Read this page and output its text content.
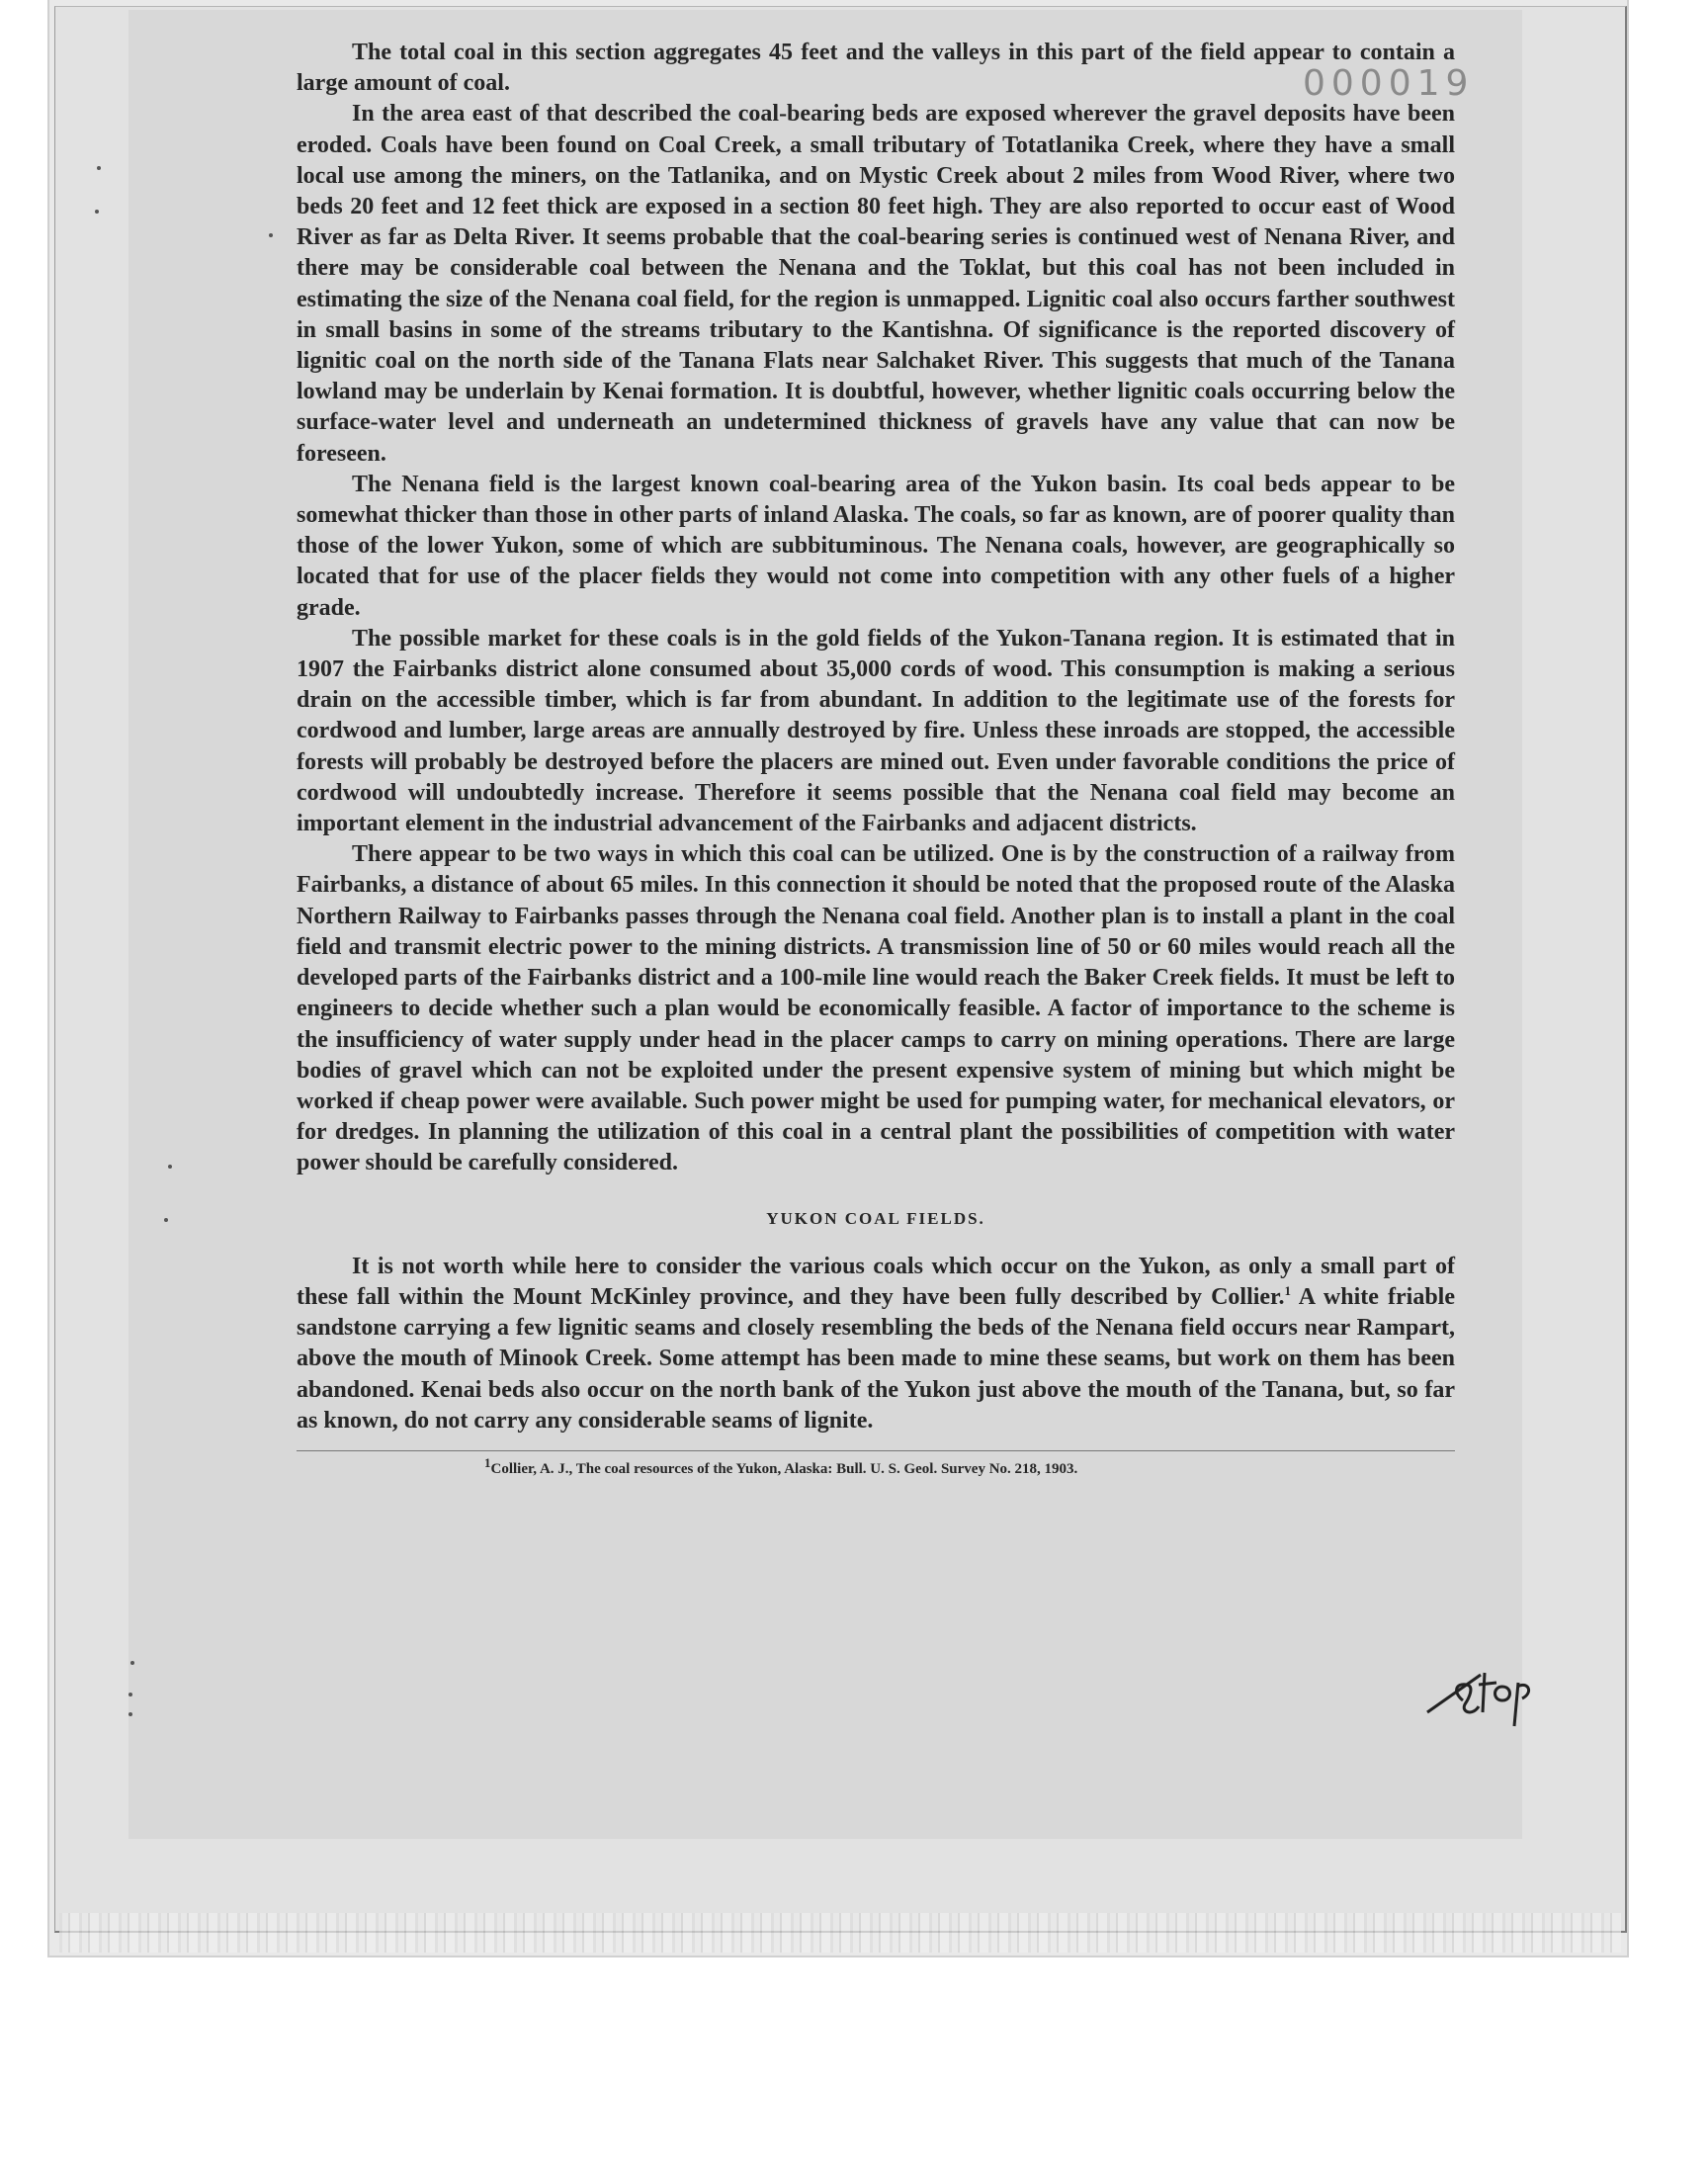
000019

The total coal in this section aggregates 45 feet and the valleys in this part of the field appear to contain a large amount of coal.

In the area east of that described the coal-bearing beds are exposed wherever the gravel deposits have been eroded. Coals have been found on Coal Creek, a small tributary of Totatlanika Creek, where they have a small local use among the miners, on the Tatlanika, and on Mystic Creek about 2 miles from Wood River, where two beds 20 feet and 12 feet thick are exposed in a section 80 feet high. They are also reported to occur east of Wood River as far as Delta River. It seems probable that the coal-bearing series is continued west of Nenana River, and there may be considerable coal between the Nenana and the Toklat, but this coal has not been included in estimating the size of the Nenana coal field, for the region is unmapped. Lignitic coal also occurs farther southwest in small basins in some of the streams tributary to the Kantishna. Of significance is the reported discovery of lignitic coal on the north side of the Tanana Flats near Salchaket River. This suggests that much of the Tanana lowland may be underlain by Kenai formation. It is doubtful, however, whether lignitic coals occurring below the surface-water level and underneath an undetermined thickness of gravels have any value that can now be foreseen.

The Nenana field is the largest known coal-bearing area of the Yukon basin. Its coal beds appear to be somewhat thicker than those in other parts of inland Alaska. The coals, so far as known, are of poorer quality than those of the lower Yukon, some of which are subbituminous. The Nenana coals, however, are geographically so located that for use of the placer fields they would not come into competition with any other fuels of a higher grade.

The possible market for these coals is in the gold fields of the Yukon-Tanana region. It is estimated that in 1907 the Fairbanks district alone consumed about 35,000 cords of wood. This consumption is making a serious drain on the accessible timber, which is far from abundant. In addition to the legitimate use of the forests for cordwood and lumber, large areas are annually destroyed by fire. Unless these inroads are stopped, the accessible forests will probably be destroyed before the placers are mined out. Even under favorable conditions the price of cordwood will undoubtedly increase. Therefore it seems possible that the Nenana coal field may become an important element in the industrial advancement of the Fairbanks and adjacent districts.

There appear to be two ways in which this coal can be utilized. One is by the construction of a railway from Fairbanks, a distance of about 65 miles. In this connection it should be noted that the proposed route of the Alaska Northern Railway to Fairbanks passes through the Nenana coal field. Another plan is to install a plant in the coal field and transmit electric power to the mining districts. A transmission line of 50 or 60 miles would reach all the developed parts of the Fairbanks district and a 100-mile line would reach the Baker Creek fields. It must be left to engineers to decide whether such a plan would be economically feasible. A factor of importance to the scheme is the insufficiency of water supply under head in the placer camps to carry on mining operations. There are large bodies of gravel which can not be exploited under the present expensive system of mining but which might be worked if cheap power were available. Such power might be used for pumping water, for mechanical elevators, or for dredges. In planning the utilization of this coal in a central plant the possibilities of competition with water power should be carefully considered.

YUKON COAL FIELDS.

It is not worth while here to consider the various coals which occur on the Yukon, as only a small part of these fall within the Mount McKinley province, and they have been fully described by Collier.$^1$ A white friable sandstone carrying a few lignitic seams and closely resembling the beds of the Nenana field occurs near Rampart, above the mouth of Minook Creek. Some attempt has been made to mine these seams, but work on them has been abandoned. Kenai beds also occur on the north bank of the Yukon just above the mouth of the Tanana, but, so far as known, do not carry any considerable seams of lignite.

$^1$Collier, A. J., The coal resources of the Yukon, Alaska: Bull. U. S. Geol. Survey No. 218, 1903.
